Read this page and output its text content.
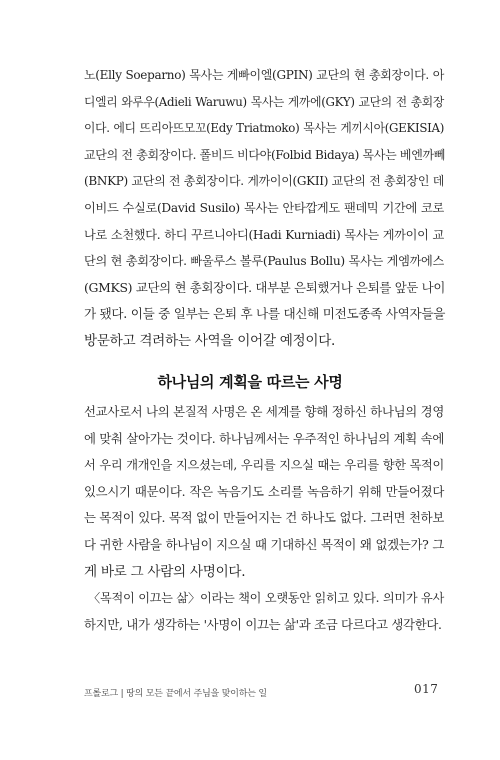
노(Elly Soeparno) 목사는 게빠이엘(GPIN) 교단의 현 총회장이다. 아
디엘리 와루우(Adieli Waruwu) 목사는 게까에(GKY) 교단의 전 총회장
이다. 에디 뜨리아뜨모꼬(Edy Triatmoko) 목사는 게끼시아(GEKISIA)
교단의 전 총회장이다. 폴비드 비다야(Folbid Bidaya) 목사는 베엔까뻬
(BNKP) 교단의 전 총회장이다. 게까이이(GKII) 교단의 전 총회장인 데
이비드 수실로(David Susilo) 목사는 안타깝게도 팬데믹 기간에 코로
나로 소천했다. 하디 꾸르니아디(Hadi Kurniadi) 목사는 게까이이 교
단의 현 총회장이다. 빠울루스 볼루(Paulus Bollu) 목사는 게엠까에스
(GMKS) 교단의 현 총회장이다. 대부분 은퇴했거나 은퇴를 앞둔 나이
가 됐다. 이들 중 일부는 은퇴 후 나를 대신해 미전도종족 사역자들을
방문하고 격려하는 사역을 이어갈 예정이다.
하나님의 계획을 따르는 사명
선교사로서 나의 본질적 사명은 온 세계를 향해 정하신 하나님의 경영
에 맞춰 살아가는 것이다. 하나님께서는 우주적인 하나님의 계획 속에
서 우리 개개인을 지으셨는데, 우리를 지으실 때는 우리를 향한 목적이
있으시기 때문이다. 작은 녹음기도 소리를 녹음하기 위해 만들어졌다
는 목적이 있다. 목적 없이 만들어지는 건 하나도 없다. 그러면 천하보
다 귀한 사람을 하나님이 지으실 때 기대하신 목적이 왜 없겠는가? 그
게 바로 그 사람의 사명이다.
〈목적이 이끄는 삶〉이라는 책이 오랫동안 읽히고 있다. 의미가 유사
하지만, 내가 생각하는 '사명이 이끄는 삶'과 조금 다르다고 생각한다.
프롤로그 | 땅의 모든 끝에서 주님을 맞이하는 일	017
